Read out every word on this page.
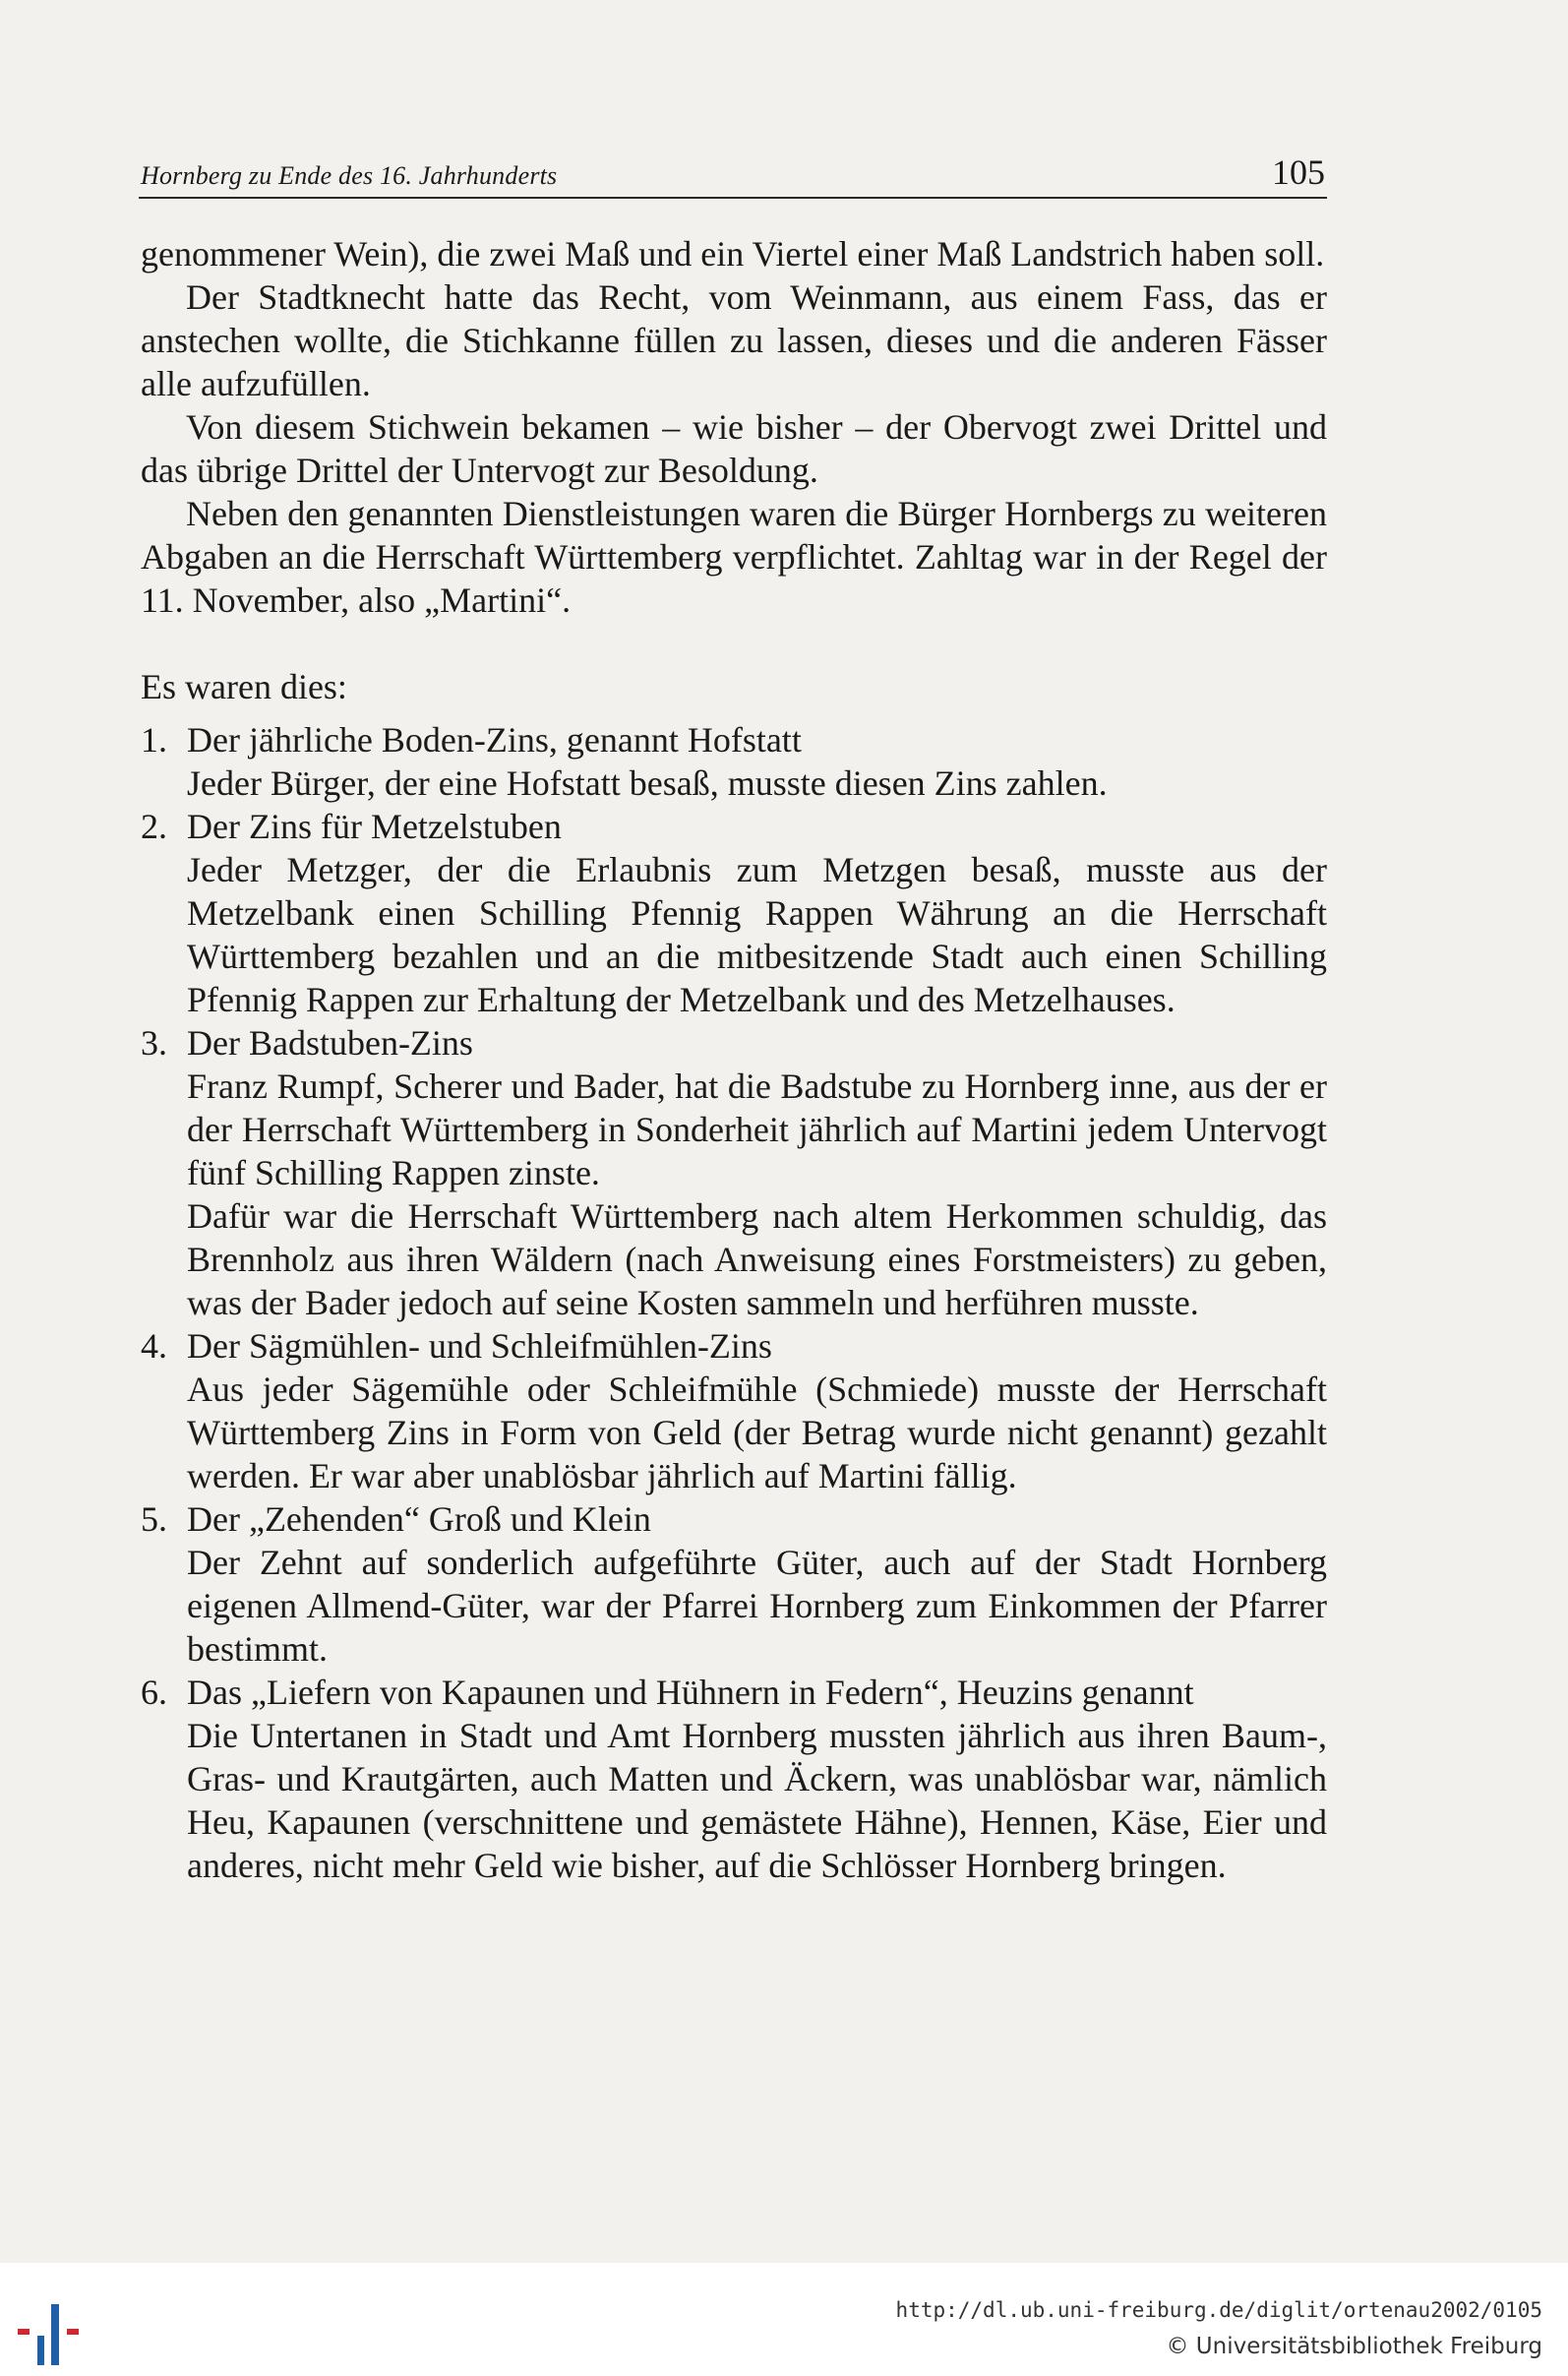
Hornberg zu Ende des 16. Jahrhunderts	105

genommener Wein), die zwei Maß und ein Viertel einer Maß Landstrich haben soll.

Der Stadtknecht hatte das Recht, vom Weinmann, aus einem Fass, das er anstechen wollte, die Stichkanne füllen zu lassen, dieses und die anderen Fässer alle aufzufüllen.

Von diesem Stichwein bekamen – wie bisher – der Obervogt zwei Drittel und das übrige Drittel der Untervogt zur Besoldung.

Neben den genannten Dienstleistungen waren die Bürger Hornbergs zu weiteren Abgaben an die Herrschaft Württemberg verpflichtet. Zahltag war in der Regel der 11. November, also „Martini“.

Es waren dies:

1. Der jährliche Boden-Zins, genannt Hofstatt
Jeder Bürger, der eine Hofstatt besaß, musste diesen Zins zahlen.
2. Der Zins für Metzelstuben
Jeder Metzger, der die Erlaubnis zum Metzgen besaß, musste aus der Metzelbank einen Schilling Pfennig Rappen Währung an die Herrschaft Württemberg bezahlen und an die mitbesitzende Stadt auch einen Schilling Pfennig Rappen zur Erhaltung der Metzelbank und des Metzelhauses.
3. Der Badstuben-Zins
Franz Rumpf, Scherer und Bader, hat die Badstube zu Hornberg inne, aus der er der Herrschaft Württemberg in Sonderheit jährlich auf Martini jedem Untervogt fünf Schilling Rappen zinste.
Dafür war die Herrschaft Württemberg nach altem Herkommen schuldig, das Brennholz aus ihren Wäldern (nach Anweisung eines Forstmeisters) zu geben, was der Bader jedoch auf seine Kosten sammeln und herführen musste.
4. Der Sägmühlen- und Schleifmühlen-Zins
Aus jeder Sägemühle oder Schleifmühle (Schmiede) musste der Herrschaft Württemberg Zins in Form von Geld (der Betrag wurde nicht genannt) gezahlt werden. Er war aber unablösbar jährlich auf Martini fällig.
5. Der „Zehenden“ Groß und Klein
Der Zehnt auf sonderlich aufgeführte Güter, auch auf der Stadt Hornberg eigenen Allmend-Güter, war der Pfarrei Hornberg zum Einkommen der Pfarrer bestimmt.
6. Das „Liefern von Kapaunen und Hühnern in Federn“, Heuzins genannt
Die Untertanen in Stadt und Amt Hornberg mussten jährlich aus ihren Baum-, Gras- und Krautgärten, auch Matten und Äckern, was unablösbar war, nämlich Heu, Kapaunen (verschnittene und gemästete Hähne), Hennen, Käse, Eier und anderes, nicht mehr Geld wie bisher, auf die Schlösser Hornberg bringen.
http://dl.ub.uni-freiburg.de/diglit/ortenau2002/0105
© Universitätsbibliothek Freiburg
